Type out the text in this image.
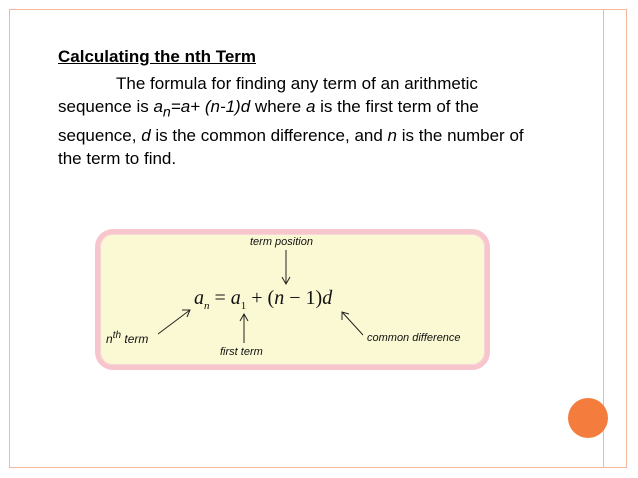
Calculating the nth Term
The formula for finding any term of an arithmetic sequence is $a_n=a+ (n-1)d$ where a is the first term of the sequence, d is the common difference, and n is the number of the term to find.
term position
$a_n = a_1 + (n - 1)d$
$n^{th}$ term
first term
common difference
